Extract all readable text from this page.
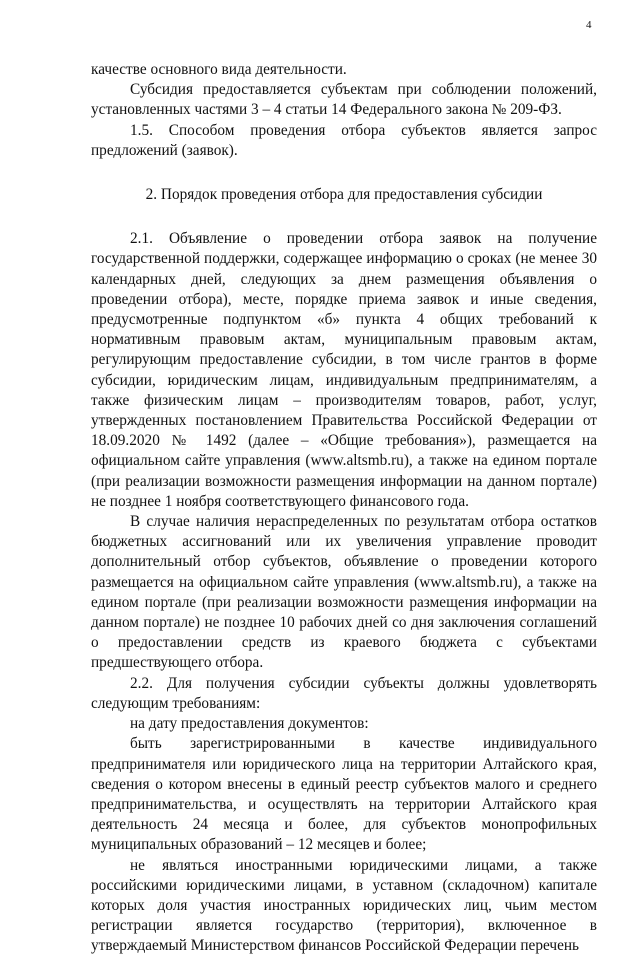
4

качестве основного вида деятельности.

Субсидия предоставляется субъектам при соблюдении положений, установленных частями 3 – 4 статьи 14 Федерального закона № 209-ФЗ.

1.5. Способом проведения отбора субъектов является запрос предложений (заявок).

2. Порядок проведения отбора для предоставления субсидии

2.1. Объявление о проведении отбора заявок на получение государственной поддержки, содержащее информацию о сроках (не менее 30 календарных дней, следующих за днем размещения объявления о проведении отбора), месте, порядке приема заявок и иные сведения, предусмотренные подпунктом «б» пункта 4 общих требований к нормативным правовым актам, муниципальным правовым актам, регулирующим предоставление субсидии, в том числе грантов в форме субсидии, юридическим лицам, индивидуальным предпринимателям, а также физическим лицам – производителям товаров, работ, услуг, утвержденных постановлением Правительства Российской Федерации от 18.09.2020 № 1492 (далее – «Общие требования»), размещается на официальном сайте управления (www.altsmb.ru), а также на едином портале (при реализации возможности размещения информации на данном портале) не позднее 1 ноября соответствующего финансового года.

В случае наличия нераспределенных по результатам отбора остатков бюджетных ассигнований или их увеличения управление проводит дополнительный отбор субъектов, объявление о проведении которого размещается на официальном сайте управления (www.altsmb.ru), а также на едином портале (при реализации возможности размещения информации на данном портале) не позднее 10 рабочих дней со дня заключения соглашений о предоставлении средств из краевого бюджета с субъектами предшествующего отбора.

2.2. Для получения субсидии субъекты должны удовлетворять следующим требованиям:

на дату предоставления документов:

быть зарегистрированными в качестве индивидуального предпринимателя или юридического лица на территории Алтайского края, сведения о котором внесены в единый реестр субъектов малого и среднего предпринимательства, и осуществлять на территории Алтайского края деятельность 24 месяца и более, для субъектов монопрофильных муниципальных образований – 12 месяцев и более;

не являться иностранными юридическими лицами, а также российскими юридическими лицами, в уставном (складочном) капитале которых доля участия иностранных юридических лиц, чьим местом регистрации является государство (территория), включенное в утверждаемый Министерством финансов Российской Федерации перечень
